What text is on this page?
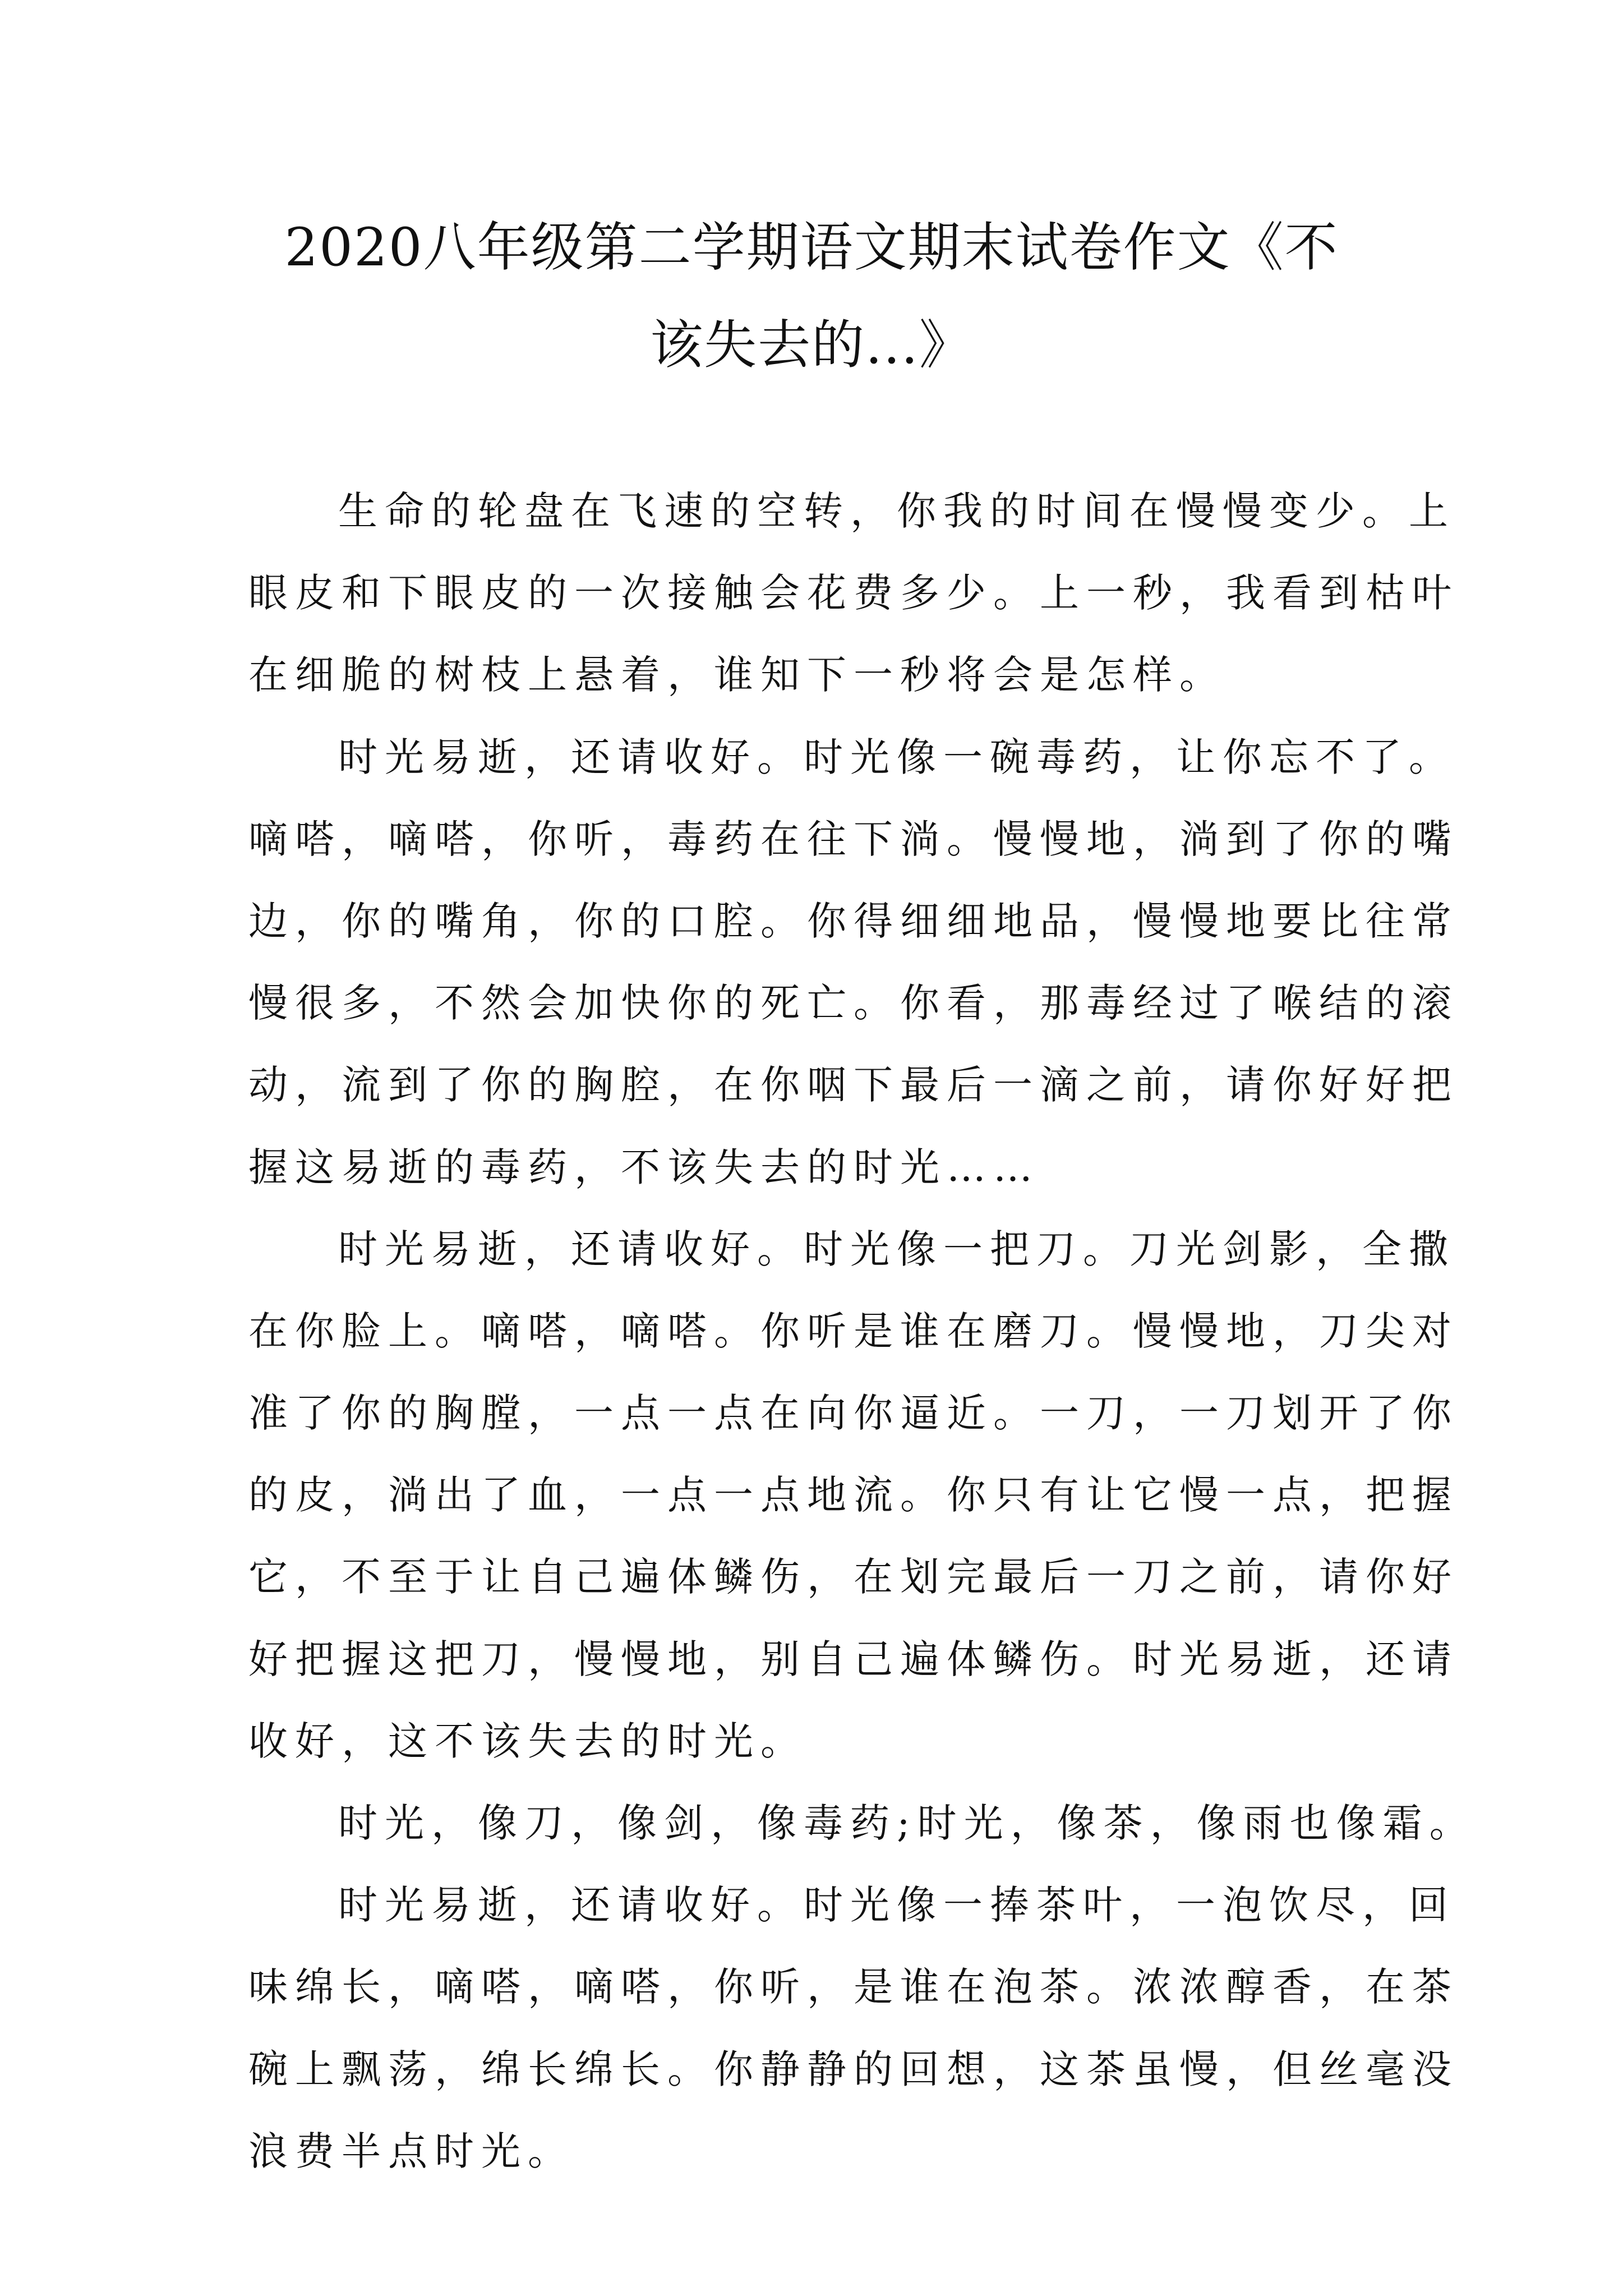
2020八年级第二学期语文期末试卷作文《不
该失去的...》
生命的轮盘在飞速的空转，你我的时间在慢慢变少。上
眼皮和下眼皮的一次接触会花费多少。上一秒，我看到枯叶
在细脆的树枝上悬着，谁知下一秒将会是怎样。
时光易逝，还请收好。时光像一碗毒药，让你忘不了。
嘀嗒，嘀嗒，你听，毒药在往下淌。慢慢地，淌到了你的嘴
边，你的嘴角，你的口腔。你得细细地品，慢慢地要比往常
慢很多，不然会加快你的死亡。你看，那毒经过了喉结的滚
动，流到了你的胸腔，在你咽下最后一滴之前，请你好好把
握这易逝的毒药，不该失去的时光……
时光易逝，还请收好。时光像一把刀。刀光剑影，全撒
在你脸上。嘀嗒，嘀嗒。你听是谁在磨刀。慢慢地，刀尖对
准了你的胸膛，一点一点在向你逼近。一刀，一刀划开了你
的皮，淌出了血，一点一点地流。你只有让它慢一点，把握
它，不至于让自己遍体鳞伤，在划完最后一刀之前，请你好
好把握这把刀，慢慢地，别自己遍体鳞伤。时光易逝，还请
收好，这不该失去的时光。
时光，像刀，像剑，像毒药;时光，像茶，像雨也像霜。
时光易逝，还请收好。时光像一捧茶叶，一泡饮尽，回
味绵长，嘀嗒，嘀嗒，你听，是谁在泡茶。浓浓醇香，在茶
碗上飘荡，绵长绵长。你静静的回想，这茶虽慢，但丝毫没
浪费半点时光。
